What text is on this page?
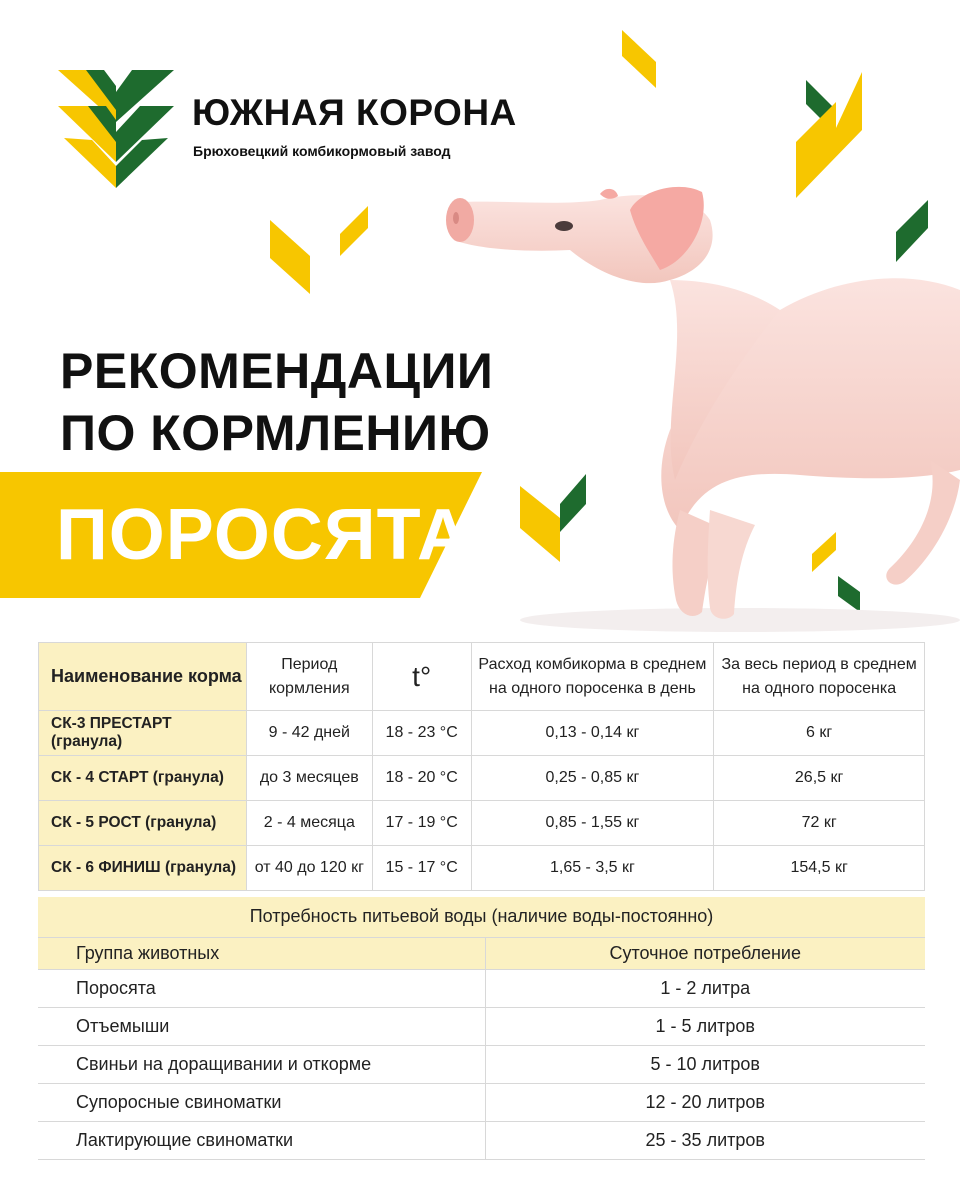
ЮЖНАЯ КОРОНА
Брюховецкий комбикормовый завод
РЕКОМЕНДАЦИИ
ПО КОРМЛЕНИЮ
ПОРОСЯТА
Наименование корма	Период кормления	t°	Расход комбикорма в среднем на одного поросенка в день	За весь период в среднем на одного поросенка
СК-3 ПРЕСТАРТ (гранула)	9 - 42 дней	18 - 23 °С	0,13 - 0,14 кг	6 кг
СК - 4 СТАРТ (гранула)	до 3 месяцев	18 - 20 °С	0,25 - 0,85 кг	26,5 кг
СК - 5 РОСТ (гранула)	2 - 4 месяца	17 - 19 °С	0,85 - 1,55 кг	72 кг
СК - 6 ФИНИШ (гранула)	от 40 до 120 кг	15 - 17 °С	1,65 - 3,5 кг	154,5 кг
Потребность питьевой воды (наличие воды-постоянно)	
Группа животных	Суточное потребление
Поросята	1 - 2 литра
Отъемыши	1 - 5 литров
Свиньи на доращивании и откорме	5 - 10 литров
Супоросные свиноматки	12 - 20 литров
Лактирующие свиноматки	25 - 35 литров
